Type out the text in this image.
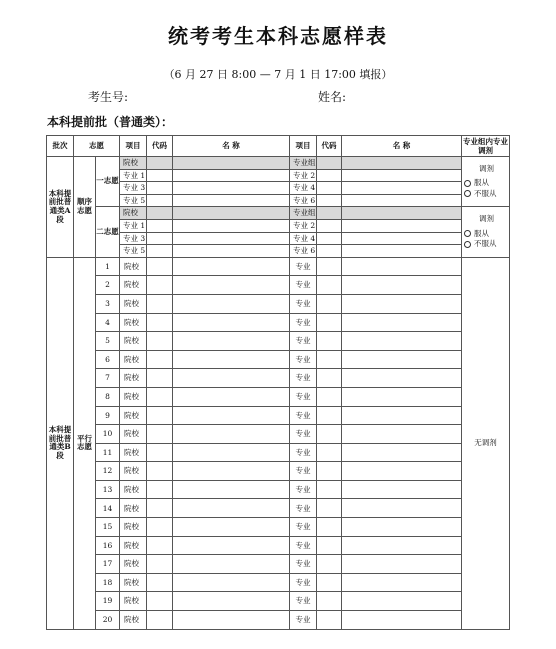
统考考生本科志愿样表
（6 月 27 日 8:00 — 7 月 1 日 17:00 填报）
考生号:	姓名:
本科提前批（普通类）：
批次	志愿		项目	代码	名 称	项目	代码	名 称	专业组内专业调剂
本科提前批普通类A段	顺序志愿	一志愿	院校			专业组			调剂
服从
不服从

			专业 1			专业 2			
			专业 3			专业 4			
			专业 5			专业 6			
		二志愿	院校			专业组			调剂
服从
不服从

			专业 1			专业 2			
			专业 3			专业 4			
			专业 5			专业 6			
本科提前批普通类B段	平行志愿	1	院校			专业			无调剂
		2	院校			专业			
		3	院校			专业			
		4	院校			专业			
		5	院校			专业			
		6	院校			专业			
		7	院校			专业			
		8	院校			专业			
		9	院校			专业			
		10	院校			专业			
		11	院校			专业			
		12	院校			专业			
		13	院校			专业			
		14	院校			专业			
		15	院校			专业			
		16	院校			专业			
		17	院校			专业			
		18	院校			专业			
		19	院校			专业			
		20	院校			专业			
